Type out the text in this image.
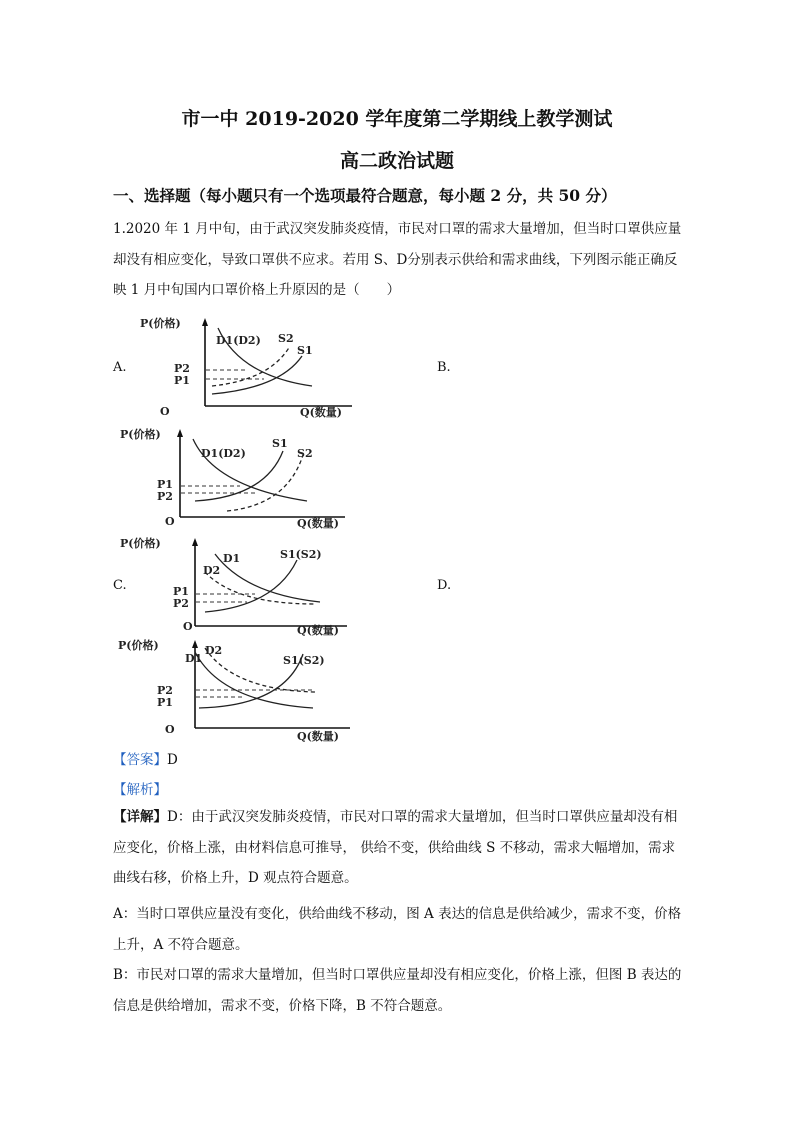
市一中 2019-2020 学年度第二学期线上教学测试
高二政治试题
一、选择题（每小题只有一个选项最符合题意，每小题 2 分，共 50 分）
1.2020 年 1 月中旬，由于武汉突发肺炎疫情，市民对口罩的需求大量增加，但当时口罩供应量却没有相应变化，导致口罩供不应求。若用 S、D分别表示供给和需求曲线，下列图示能正确反映 1 月中旬国内口罩价格上升原因的是（　　）
A.	B.
C.	D.
P(价格)
Q(数量)
O
P2
P1
D1(D2) S2
S1
P(价格)
Q(数量)
O
P1
P2
D1(D2)
S1
S2
P(价格)
Q(数量)
O
P1
P2
D1
D2
S1(S2)
P(价格)
Q(数量)
O
P2
P1
D1
D2
S1(S2)
【答案】D
【解析】
【详解】D：由于武汉突发肺炎疫情，市民对口罩的需求大量增加，但当时口罩供应量却没有相应变化，价格上涨，由材料信息可推导， 供给不变，供给曲线 S 不移动，需求大幅增加，需求曲线右移，价格上升，D 观点符合题意。
A：当时口罩供应量没有变化，供给曲线不移动，图 A 表达的信息是供给减少，需求不变，价格上升，A 不符合题意。
B：市民对口罩的需求大量增加，但当时口罩供应量却没有相应变化，价格上涨，但图 B 表达的信息是供给增加，需求不变，价格下降，B 不符合题意。
